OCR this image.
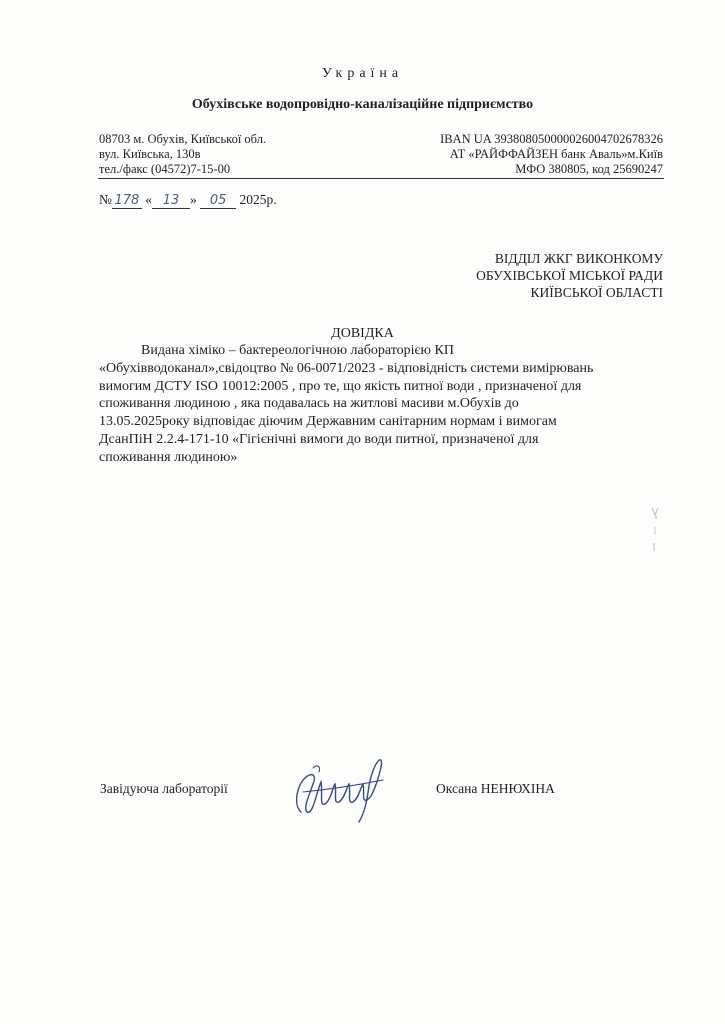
Україна
Обухівське водопровідно-каналізаційне підприємство
08703 м. Обухів, Київської обл.
вул. Київська, 130в
тел./факс (04572)7-15-00
IBAN UA 393808050000026004702678326
АТ «РАЙФФАЙЗЕН банк Аваль»м.Київ
МФО 380805, код 25690247
№ 178 « 13 » 05 2025р.
ВІДДІЛ ЖКГ ВИКОНКОМУ
ОБУХІВСЬКОЇ МІСЬКОЇ РАДИ
КИЇВСЬКОЇ ОБЛАСТІ
ДОВІДКА

Видана хіміко – бактереологічною лабораторією КП

«Обухівводоканал»,свідоцтво № 06-0071/2023 - відповідність системи вимірювань

вимогим ДСТУ ISO 10012:2005 , про те, що якість питної води , призначеної для

споживання людиною , яка подавалась на житлові масиви м.Обухів до

13.05.2025року відповідає діючим Державним санітарним нормам і вимогам

ДсанПіН 2.2.4-171-10 «Гігієнічні вимоги до води питної, призначеної для

споживання людиною»

Завідуюча лабораторії	Оксана НЕНЮХІНА
